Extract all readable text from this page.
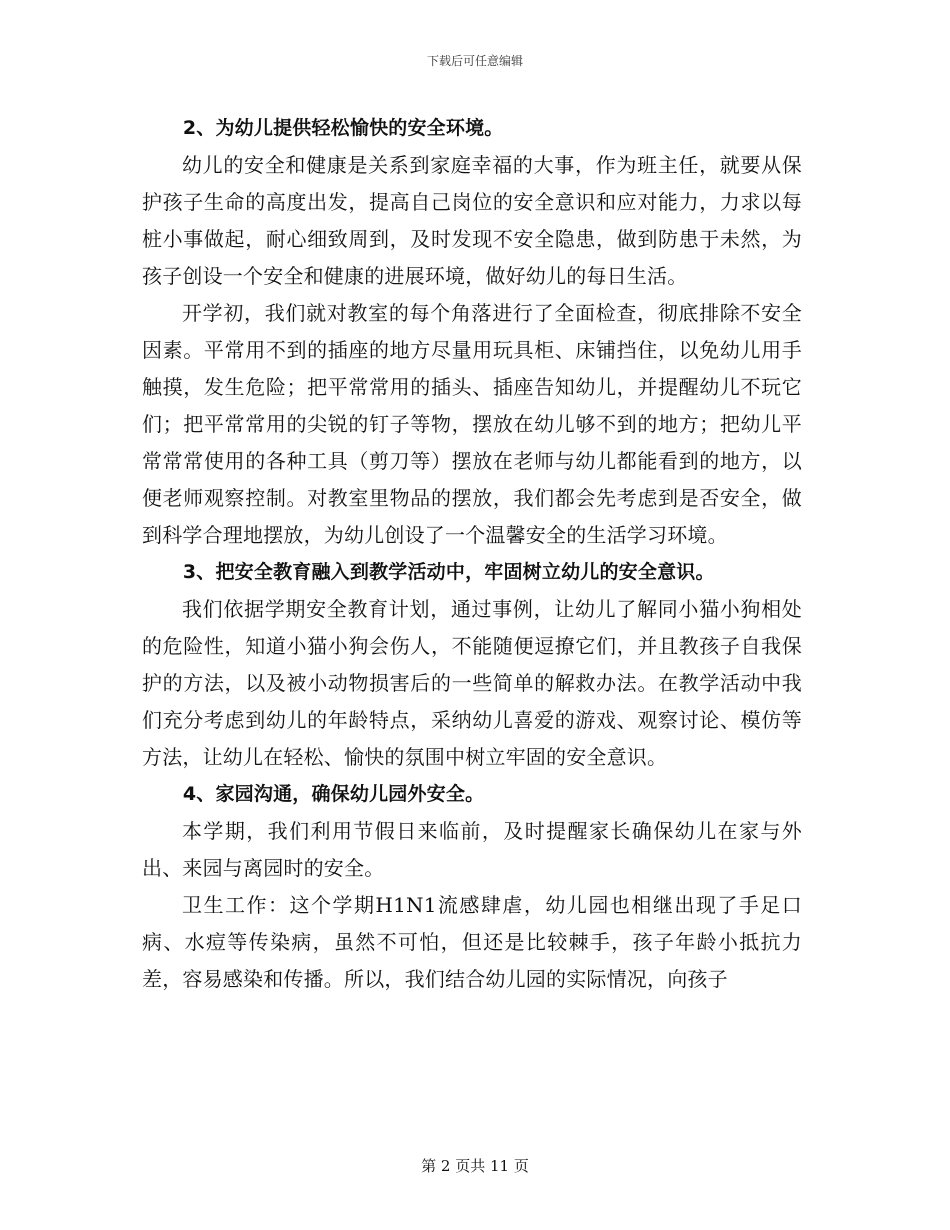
下载后可任意编辑

2、为幼儿提供轻松愉快的安全环境。

幼儿的安全和健康是关系到家庭幸福的大事，作为班主任，就要从保护孩子生命的高度出发，提高自己岗位的安全意识和应对能力，力求以每桩小事做起，耐心细致周到，及时发现不安全隐患，做到防患于未然，为孩子创设一个安全和健康的进展环境，做好幼儿的每日生活。

开学初，我们就对教室的每个角落进行了全面检查，彻底排除不安全因素。平常用不到的插座的地方尽量用玩具柜、床铺挡住，以免幼儿用手触摸，发生危险；把平常常用的插头、插座告知幼儿，并提醒幼儿不玩它们；把平常常用的尖锐的钉子等物，摆放在幼儿够不到的地方；把幼儿平常常常使用的各种工具（剪刀等）摆放在老师与幼儿都能看到的地方，以便老师观察控制。对教室里物品的摆放，我们都会先考虑到是否安全，做到科学合理地摆放，为幼儿创设了一个温馨安全的生活学习环境。

3、把安全教育融入到教学活动中，牢固树立幼儿的安全意识。

我们依据学期安全教育计划，通过事例，让幼儿了解同小猫小狗相处的危险性，知道小猫小狗会伤人，不能随便逗撩它们，并且教孩子自我保护的方法，以及被小动物损害后的一些简单的解救办法。在教学活动中我们充分考虑到幼儿的年龄特点，采纳幼儿喜爱的游戏、观察讨论、模仿等方法，让幼儿在轻松、愉快的氛围中树立牢固的安全意识。

4、家园沟通，确保幼儿园外安全。

本学期，我们利用节假日来临前，及时提醒家长确保幼儿在家与外出、来园与离园时的安全。

卫生工作：这个学期H1N1流感肆虐，幼儿园也相继出现了手足口病、水痘等传染病，虽然不可怕，但还是比较棘手，孩子年龄小抵抗力差，容易感染和传播。所以，我们结合幼儿园的实际情况，向孩子

第 2 页共 11 页
